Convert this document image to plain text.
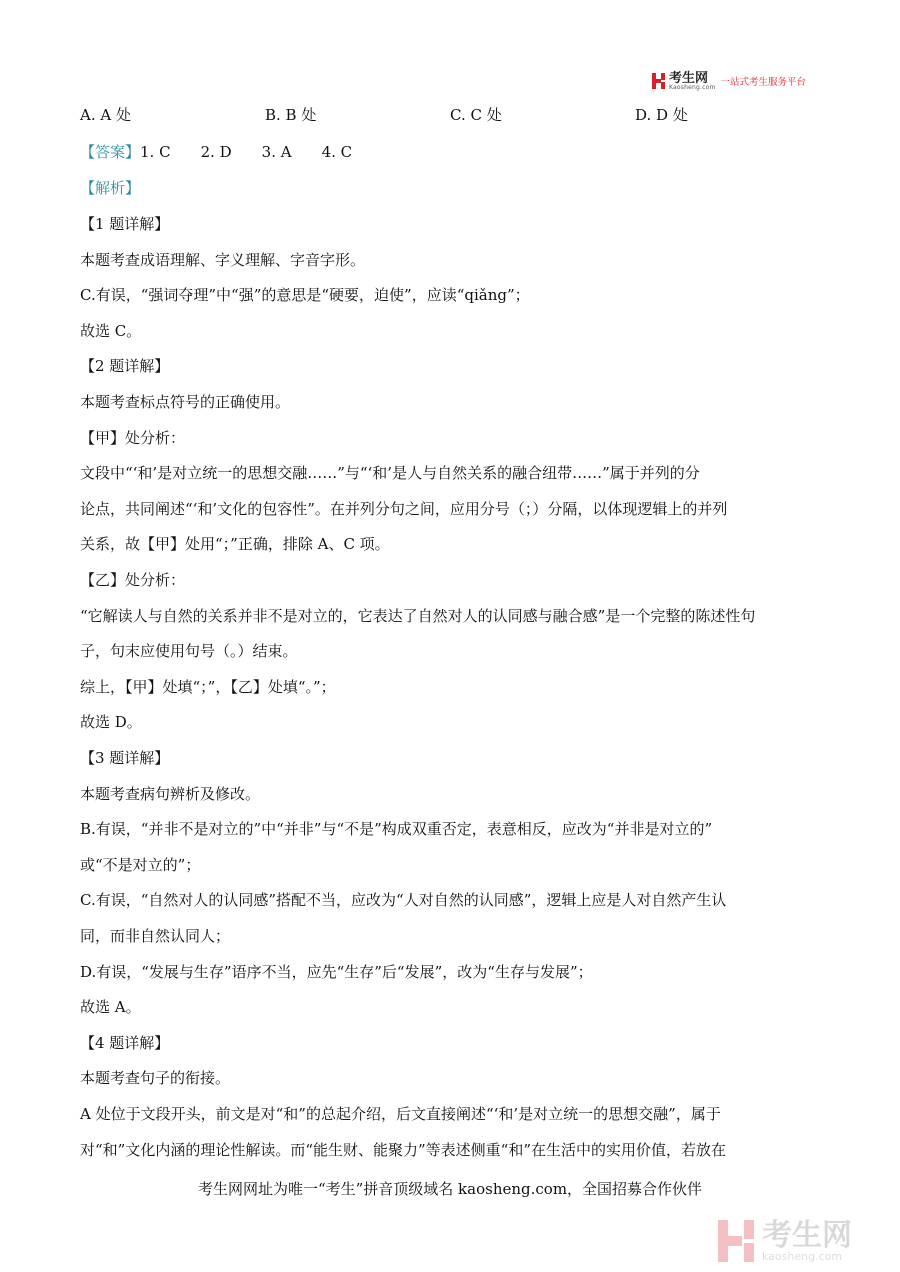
考生网
Kaosheng.com 一站式考生服务平台
A. A 处	B. B 处	C. C 处	D. D 处
【答案】1. C　　2. D　　3. A　　4. C
【解析】
【1 题详解】
本题考查成语理解、字义理解、字音字形。
C.有误，“强词夺理”中“强”的意思是“硬要，迫使”，应读“qiǎng”；
故选 C。
【2 题详解】
本题考查标点符号的正确使用。
【甲】处分析：
文段中“‘和’是对立统一的思想交融……”与“‘和’是人与自然关系的融合纽带……”属于并列的分
论点，共同阐述“‘和’文化的包容性”。在并列分句之间，应用分号（；）分隔，以体现逻辑上的并列
关系，故【甲】处用“；”正确，排除 A、C 项。
【乙】处分析：
“它解读人与自然的关系并非不是对立的，它表达了自然对人的认同感与融合感”是一个完整的陈述性句
子，句末应使用句号（。）结束。
综上，【甲】处填“；”，【乙】处填“。”；
故选 D。
【3 题详解】
本题考查病句辨析及修改。
B.有误，“并非不是对立的”中“并非”与“不是”构成双重否定，表意相反，应改为“并非是对立的”
或“不是对立的”；
C.有误，“自然对人的认同感”搭配不当，应改为“人对自然的认同感”，逻辑上应是人对自然产生认
同，而非自然认同人；
D.有误，“发展与生存”语序不当，应先“生存”后“发展”，改为“生存与发展”；
故选 A。
【4 题详解】
本题考查句子的衔接。
A 处位于文段开头，前文是对“和”的总起介绍，后文直接阐述“‘和’是对立统一的思想交融”，属于
对“和”文化内涵的理论性解读。而“能生财、能聚力”等表述侧重“和”在生活中的实用价值，若放在
考生网网址为唯一“考生”拼音顶级域名 kaosheng.com，全国招募合作伙伴
考生网
kaosheng.com
